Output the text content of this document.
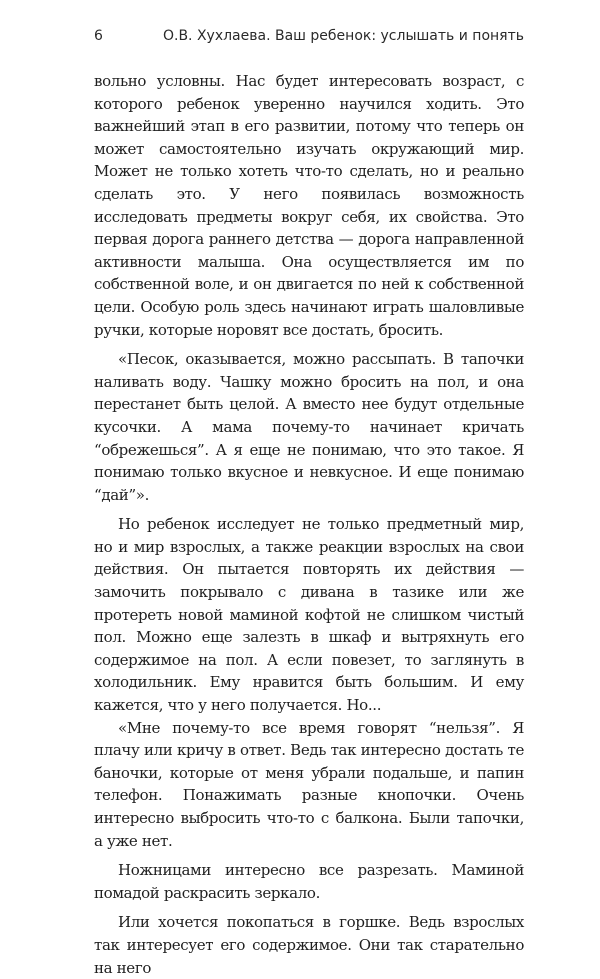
6	О.В. Хухлаева. Ваш ребенок: услышать и понять

вольно условны. Нас будет интересовать возраст, с которого ребенок уверенно научился ходить. Это важнейший этап в его развитии, потому что теперь он может самостоятельно изучать окружающий мир. Может не только хотеть что-то сделать, но и реально сделать это. У него появилась возможность исследовать предметы вокруг себя, их свойства. Это первая дорога раннего детства — дорога направленной активности малыша. Она осуществляется им по собственной воле, и он двигается по ней к собственной цели. Особую роль здесь начинают играть шаловливые ручки, которые норовят все достать, бросить.

«Песок, оказывается, можно рассыпать. В тапочки наливать воду. Чашку можно бросить на пол, и она перестанет быть целой. А вместо нее будут отдельные кусочки. А мама почему-то начинает кричать “обрежешься”. А я еще не понимаю, что это такое. Я понимаю только вкусное и невкусное. И еще понимаю “дай”».

Но ребенок исследует не только предметный мир, но и мир взрослых, а также реакции взрослых на свои действия. Он пытается повторять их действия — замочить покрывало с дивана в тазике или же протереть новой маминой кофтой не слишком чистый пол. Можно еще залезть в шкаф и вытряхнуть его содержимое на пол. А если повезет, то заглянуть в холодильник. Ему нравится быть большим. И ему кажется, что у него получается. Но...

«Мне почему-то все время говорят “нельзя”. Я плачу или кричу в ответ. Ведь так интересно достать те баночки, которые от меня убрали подальше, и папин телефон. Понажимать разные кнопочки. Очень интересно выбросить что-то с балкона. Были тапочки, а уже нет.

Ножницами интересно все разрезать. Маминой помадой раскрасить зеркало.

Или хочется покопаться в горшке. Ведь взрослых так интересует его содержимое. Они так старательно на него
